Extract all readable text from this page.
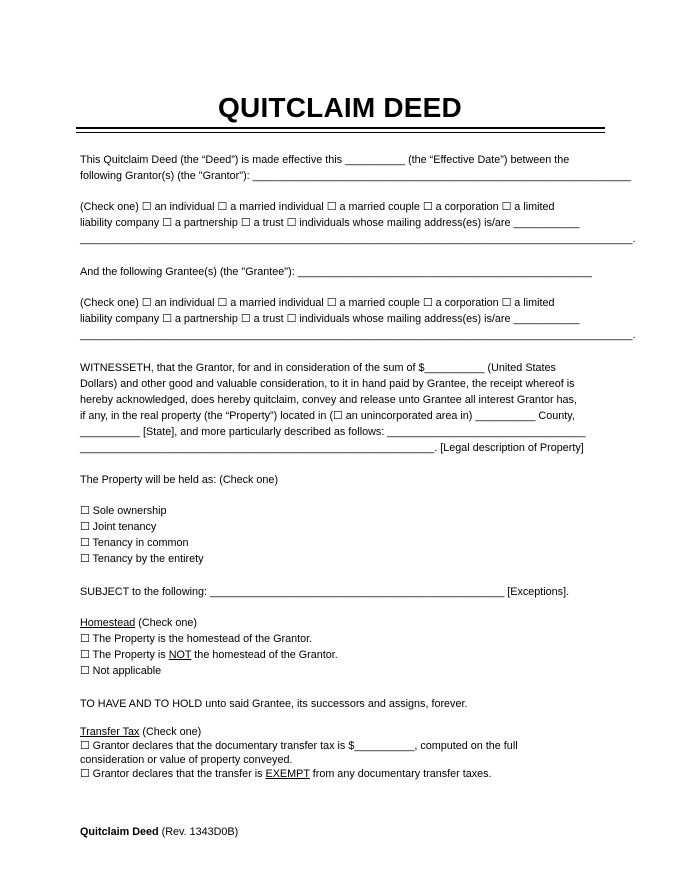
QUITCLAIM DEED
This Quitclaim Deed (the “Deed”) is made effective this __________ (the “Effective Date”) between the
following Grantor(s) (the "Grantor"): _______________________________________________________________
(Check one) ☐ an individual ☐ a married individual ☐ a married couple ☐ a corporation ☐ a limited
liability company ☐ a partnership ☐ a trust ☐ individuals whose mailing address(es) is/are ___________
____________________________________________________________________________________________.
And the following Grantee(s) (the "Grantee"): _________________________________________________
(Check one) ☐ an individual ☐ a married individual ☐ a married couple ☐ a corporation ☐ a limited
liability company ☐ a partnership ☐ a trust ☐ individuals whose mailing address(es) is/are ___________
____________________________________________________________________________________________.
WITNESSETH, that the Grantor, for and in consideration of the sum of $__________ (United States
Dollars) and other good and valuable consideration, to it in hand paid by Grantee, the receipt whereof is
hereby acknowledged, does hereby quitclaim, convey and release unto Grantee all interest Grantor has,
if any, in the real property (the “Property”) located in (☐ an unincorporated area in) __________ County,
__________ [State], and more particularly described as follows: _________________________________
___________________________________________________________. [Legal description of Property]
The Property will be held as: (Check one)
☐ Sole ownership
☐ Joint tenancy
☐ Tenancy in common
☐ Tenancy by the entirety
SUBJECT to the following: _________________________________________________ [Exceptions].
Homestead (Check one)
☐ The Property is the homestead of the Grantor.
☐ The Property is NOT the homestead of the Grantor.
☐ Not applicable
TO HAVE AND TO HOLD unto said Grantee, its successors and assigns, forever.
Transfer Tax (Check one)
☐ Grantor declares that the documentary transfer tax is $__________, computed on the full
consideration or value of property conveyed.
☐ Grantor declares that the transfer is EXEMPT from any documentary transfer taxes.
Quitclaim Deed (Rev. 1343D0B)
